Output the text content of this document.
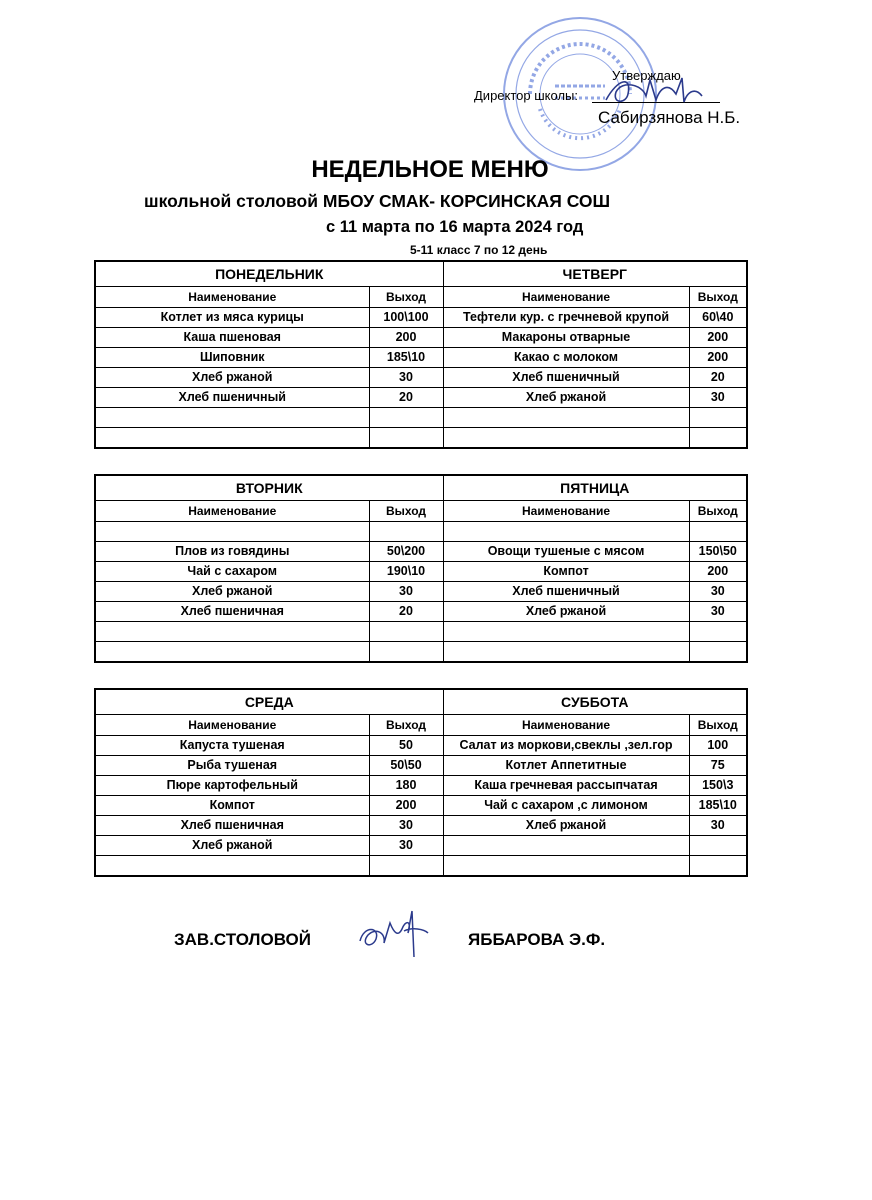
Утверждаю
Директор школы:
Сабирзянова Н.Б.
НЕДЕЛЬНОЕ МЕНЮ
школьной столовой МБОУ СМАК- КОРСИНСКАЯ СОШ
с 11 марта по 16 марта 2024 год
5-11 класс 7 по 12 день
ПОНЕДЕЛЬНИК		ЧЕТВЕРГ	
Наименование	Выход	Наименование	Выход
Котлет из мяса курицы	100\100	Тефтели кур. с гречневой крупой	60\40
Каша пшеновая	200	Макароны отварные	200
Шиповник	185\10	Какао с молоком	200
Хлеб ржаной	30	Хлеб пшеничный	20
Хлеб пшеничный	20	Хлеб ржаной	30

ВТОРНИК		ПЯТНИЦА	
Наименование	Выход	Наименование	Выход

Плов из говядины	50\200	Овощи тушеные с мясом	150\50
Чай с сахаром	190\10	Компот	200
Хлеб ржаной	30	Хлеб пшеничный	30
Хлеб пшеничная	20	Хлеб ржаной	30

СРЕДА		СУББОТА	
Наименование	Выход	Наименование	Выход
Капуста тушеная	50	Салат из моркови,свеклы ,зел.гор	100
Рыба тушеная	50\50	Котлет Аппетитные	75
Пюре картофельный	180	Каша гречневая рассыпчатая	150\3
Компот	200	Чай с сахаром ,с лимоном	185\10
Хлеб пшеничная	30	Хлеб ржаной	30
Хлеб ржаной	30		

ЗАВ.СТОЛОВОЙ	ЯББАРОВА Э.Ф.
